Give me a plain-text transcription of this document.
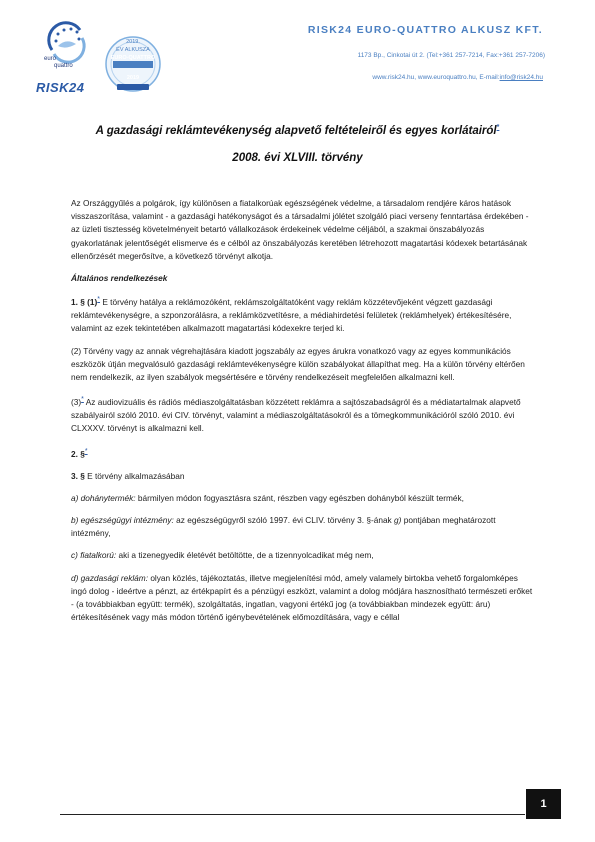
euro
quattro
RISK24
2019.
ÉV ALKUSZA
EURO-QUATTRO
2019
RISK24 EURO-QUATTRO ALKUSZ KFT.
1173 Bp., Cinkotai út 2. (Tel:+361 257-7214, Fax:+361 257-7206)
www.risk24.hu, www.euroquattro.hu, E-mail:info@risk24.hu
A gazdasági reklámtevékenység alapvető feltételeiről és egyes korlátairól*
2008. évi XLVIII. törvény

Az Országgyűlés a polgárok, így különösen a fiatalkorúak egészségének védelme, a társadalom rendjére káros hatások visszaszorítása, valamint - a gazdasági hatékonyságot és a társadalmi jólétet szolgáló piaci verseny fenntartása érdekében - az üzleti tisztesség követelményeit betartó vállalkozások érdekeinek védelme céljából, a szakmai önszabályozás gyakorlatának jelentőségét elismerve és e célból az önszabályozás keretében létrehozott magatartási kódexek betartásának ellenőrzését megerősítve, a következő törvényt alkotja.

Általános rendelkezések

1. § (1)* E törvény hatálya a reklámozóként, reklámszolgáltatóként vagy reklám közzétevőjeként végzett gazdasági reklámtevékenységre, a szponzorálásra, a reklámközvetítésre, a médiahirdetési felületek (reklámhelyek) értékesítésére, valamint az ezek tekintetében alkalmazott magatartási kódexekre terjed ki.

(2) Törvény vagy az annak végrehajtására kiadott jogszabály az egyes árukra vonatkozó vagy az egyes kommunikációs eszközök útján megvalósuló gazdasági reklámtevékenységre külön szabályokat állapíthat meg. Ha a külön törvény eltérően nem rendelkezik, az ilyen szabályok megsértésére e törvény rendelkezéseit megfelelően alkalmazni kell.

(3)* Az audiovizuális és rádiós médiaszolgáltatásban közzétett reklámra a sajtószabadságról és a médiatartalmak alapvető szabályairól szóló 2010. évi CIV. törvényt, valamint a médiaszolgáltatásokról és a tömegkommunikációról szóló 2010. évi CLXXXV. törvényt is alkalmazni kell.

2. §*

3. § E törvény alkalmazásában

a) dohánytermék: bármilyen módon fogyasztásra szánt, részben vagy egészben dohányból készült termék,

b) egészségügyi intézmény: az egészségügyről szóló 1997. évi CLIV. törvény 3. §-ának g) pontjában meghatározott intézmény,

c) fiatalkorú: aki a tizenegyedik életévét betöltötte, de a tizennyolcadikat még nem,

d) gazdasági reklám: olyan közlés, tájékoztatás, illetve megjelenítési mód, amely valamely birtokba vehető forgalomképes ingó dolog - ideértve a pénzt, az értékpapírt és a pénzügyi eszközt, valamint a dolog módjára hasznosítható természeti erőket - (a továbbiakban együtt: termék), szolgáltatás, ingatlan, vagyoni értékű jog (a továbbiakban mindezek együtt: áru) értékesítésének vagy más módon történő igénybevételének előmozdítására, vagy e céllal

1
